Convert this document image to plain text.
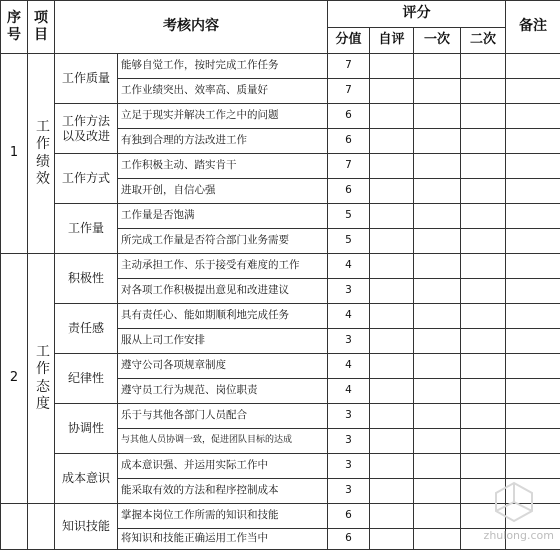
序号	项目	考核内容		评分				备注
				分值	自评	一次	二次	
1	工作绩效	工作质量	能够自觉工作，按时完成工作任务	7				
			工作业绩突出、效率高、质量好	7				
		工作方法以及改进	立足于现实并解决工作之中的问题	6				
			有独到合理的方法改进工作	6				
		工作方式	工作积极主动、踏实肯干	7				
			进取开创，自信心强	6				
		工作量	工作量是否饱满	5				
			所完成工作量是否符合部门业务需要	5				
2	工作态度	积极性	主动承担工作、乐于接受有难度的工作	4				
			对各项工作积极提出意见和改进建议	3				
		责任感	具有责任心、能如期顺利地完成任务	4				
			服从上司工作安排	3				
		纪律性	遵守公司各项规章制度	4				
			遵守员工行为规范、岗位职责	4				
		协调性	乐于与其他各部门人员配合	3				
			与其他人员协调一致，促进团队目标的达成	3				
		成本意识	成本意识强、并运用实际工作中	3				
			能采取有效的方法和程序控制成本	3				
		知识技能	掌握本岗位工作所需的知识和技能	6				
			将知识和技能正确运用工作当中	6					zhulong.com
